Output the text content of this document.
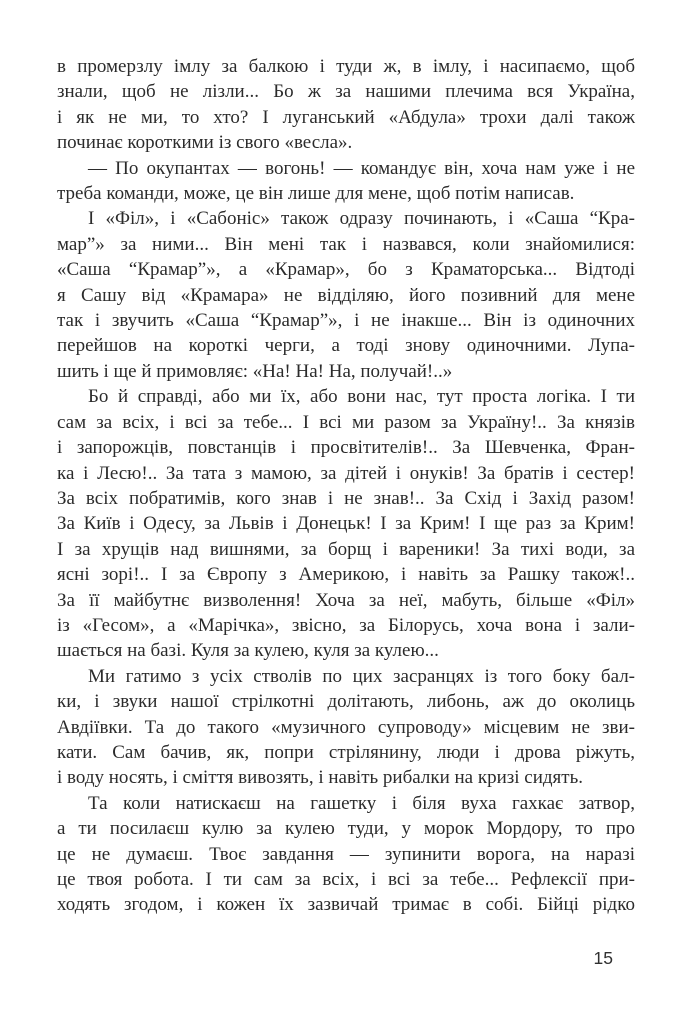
в промерзлу імлу за балкою і туди ж, в імлу, і насипаємо, щоб
знали, щоб не лізли... Бо ж за нашими плечима вся Україна,
і як не ми, то хто? І луганський «Абдула» трохи далі також
починає короткими із свого «весла».
— По окупантах — вогонь! — командує він, хоча нам уже і не
треба команди, може, це він лише для мене, щоб потім написав.
І «Філ», і «Сабоніс» також одразу починають, і «Саша “Кра-
мар”» за ними... Він мені так і назвався, коли знайомилися:
«Саша “Крамар”», а «Крамар», бо з Краматорська... Відтоді
я Сашу від «Крамара» не відділяю, його позивний для мене
так і звучить «Саша “Крамар”», і не інакше... Він із одиночних
перейшов на короткі черги, а тоді знову одиночними. Лупа-
шить і ще й примовляє: «На! На! На, получай!..»
Бо й справді, або ми їх, або вони нас, тут проста логіка. І ти
сам за всіх, і всі за тебе... І всі ми разом за Україну!.. За князів
і запорожців, повстанців і просвітителів!.. За Шевченка, Фран-
ка і Лесю!.. За тата з мамою, за дітей і онуків! За братів і сестер!
За всіх побратимів, кого знав і не знав!.. За Схід і Захід разом!
За Київ і Одесу, за Львів і Донецьк! І за Крим! І ще раз за Крим!
І за хрущів над вишнями, за борщ і вареники! За тихі води, за
ясні зорі!.. І за Європу з Америкою, і навіть за Рашку також!..
За її майбутнє визволення! Хоча за неї, мабуть, більше «Філ»
із «Гесом», а «Марічка», звісно, за Білорусь, хоча вона і зали-
шається на базі. Куля за кулею, куля за кулею...
Ми гатимо з усіх стволів по цих засранцях із того боку бал-
ки, і звуки нашої стрілкотні долітають, либонь, аж до околиць
Авдіївки. Та до такого «музичного супроводу» місцевим не зви-
кати. Сам бачив, як, попри стрілянину, люди і дрова ріжуть,
і воду носять, і сміття вивозять, і навіть рибалки на кризі сидять.
Та коли натискаєш на гашетку і біля вуха гахкає затвор,
а ти посилаєш кулю за кулею туди, у морок Мордору, то про
це не думаєш. Твоє завдання — зупинити ворога, на наразі
це твоя робота. І ти сам за всіх, і всі за тебе... Рефлексії при-
ходять згодом, і кожен їх зазвичай тримає в собі. Бійці рідко
15
